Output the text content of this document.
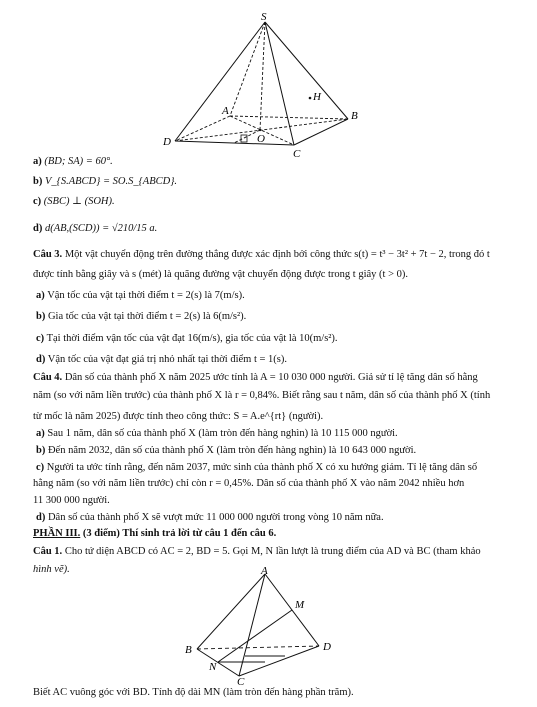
S
A	B
C
D	O
H
a) (BD; SA) = 60°.
b) V_{S.ABCD} = SO.S_{ABCD}.
c) (SBC) ⊥ (SOH).
d) d(AB,(SCD)) = √210/15 a.
Câu 3. Một vật chuyển động trên đường thẳng được xác định bởi công thức s(t) = t³ − 3t² + 7t − 2, trong đó t
được tính bằng giây và s (mét) là quãng đường vật chuyển động được trong t giây (t > 0).
a) Vận tốc của vật tại thời điểm t = 2(s) là 7(m/s).
b) Gia tốc của vật tại thời điểm t = 2(s) là 6(m/s²).
c) Tại thời điểm vận tốc của vật đạt 16(m/s), gia tốc của vật là 10(m/s²).
d) Vận tốc của vật đạt giá trị nhỏ nhất tại thời điểm t = 1(s).
Câu 4. Dân số của thành phố X năm 2025 ước tính là A = 10 030 000 người. Giả sử tỉ lệ tăng dân số hằng
năm (so với năm liền trước) của thành phố X là r = 0,84%. Biết rằng sau t năm, dân số của thành phố X (tính
từ mốc là năm 2025) được tính theo công thức: S = A.e^{rt} (người).
a) Sau 1 năm, dân số của thành phố X (làm tròn đến hàng nghìn) là 10 115 000 người.
b) Đến năm 2032, dân số của thành phố X (làm tròn đến hàng nghìn) là 10 643 000 người.
c) Người ta ước tính rằng, đến năm 2037, mức sinh của thành phố X có xu hướng giảm. Tỉ lệ tăng dân số
hằng năm (so với năm liền trước) chỉ còn r = 0,45%. Dân số của thành phố X vào năm 2042 nhiều hơn
11 300 000 người.
d) Dân số của thành phố X sẽ vượt mức 11 000 000 người trong vòng 10 năm nữa.
PHẦN III. (3 điểm) Thí sinh trả lời từ câu 1 đến câu 6.
Câu 1. Cho tứ diện ABCD có AC = 2, BD = 5. Gọi M, N lần lượt là trung điểm của AD và BC (tham khảo
hình vẽ).	A
B
C
D
M
N
Biết AC vuông góc với BD. Tính độ dài MN (làm tròn đến hàng phần trăm).
